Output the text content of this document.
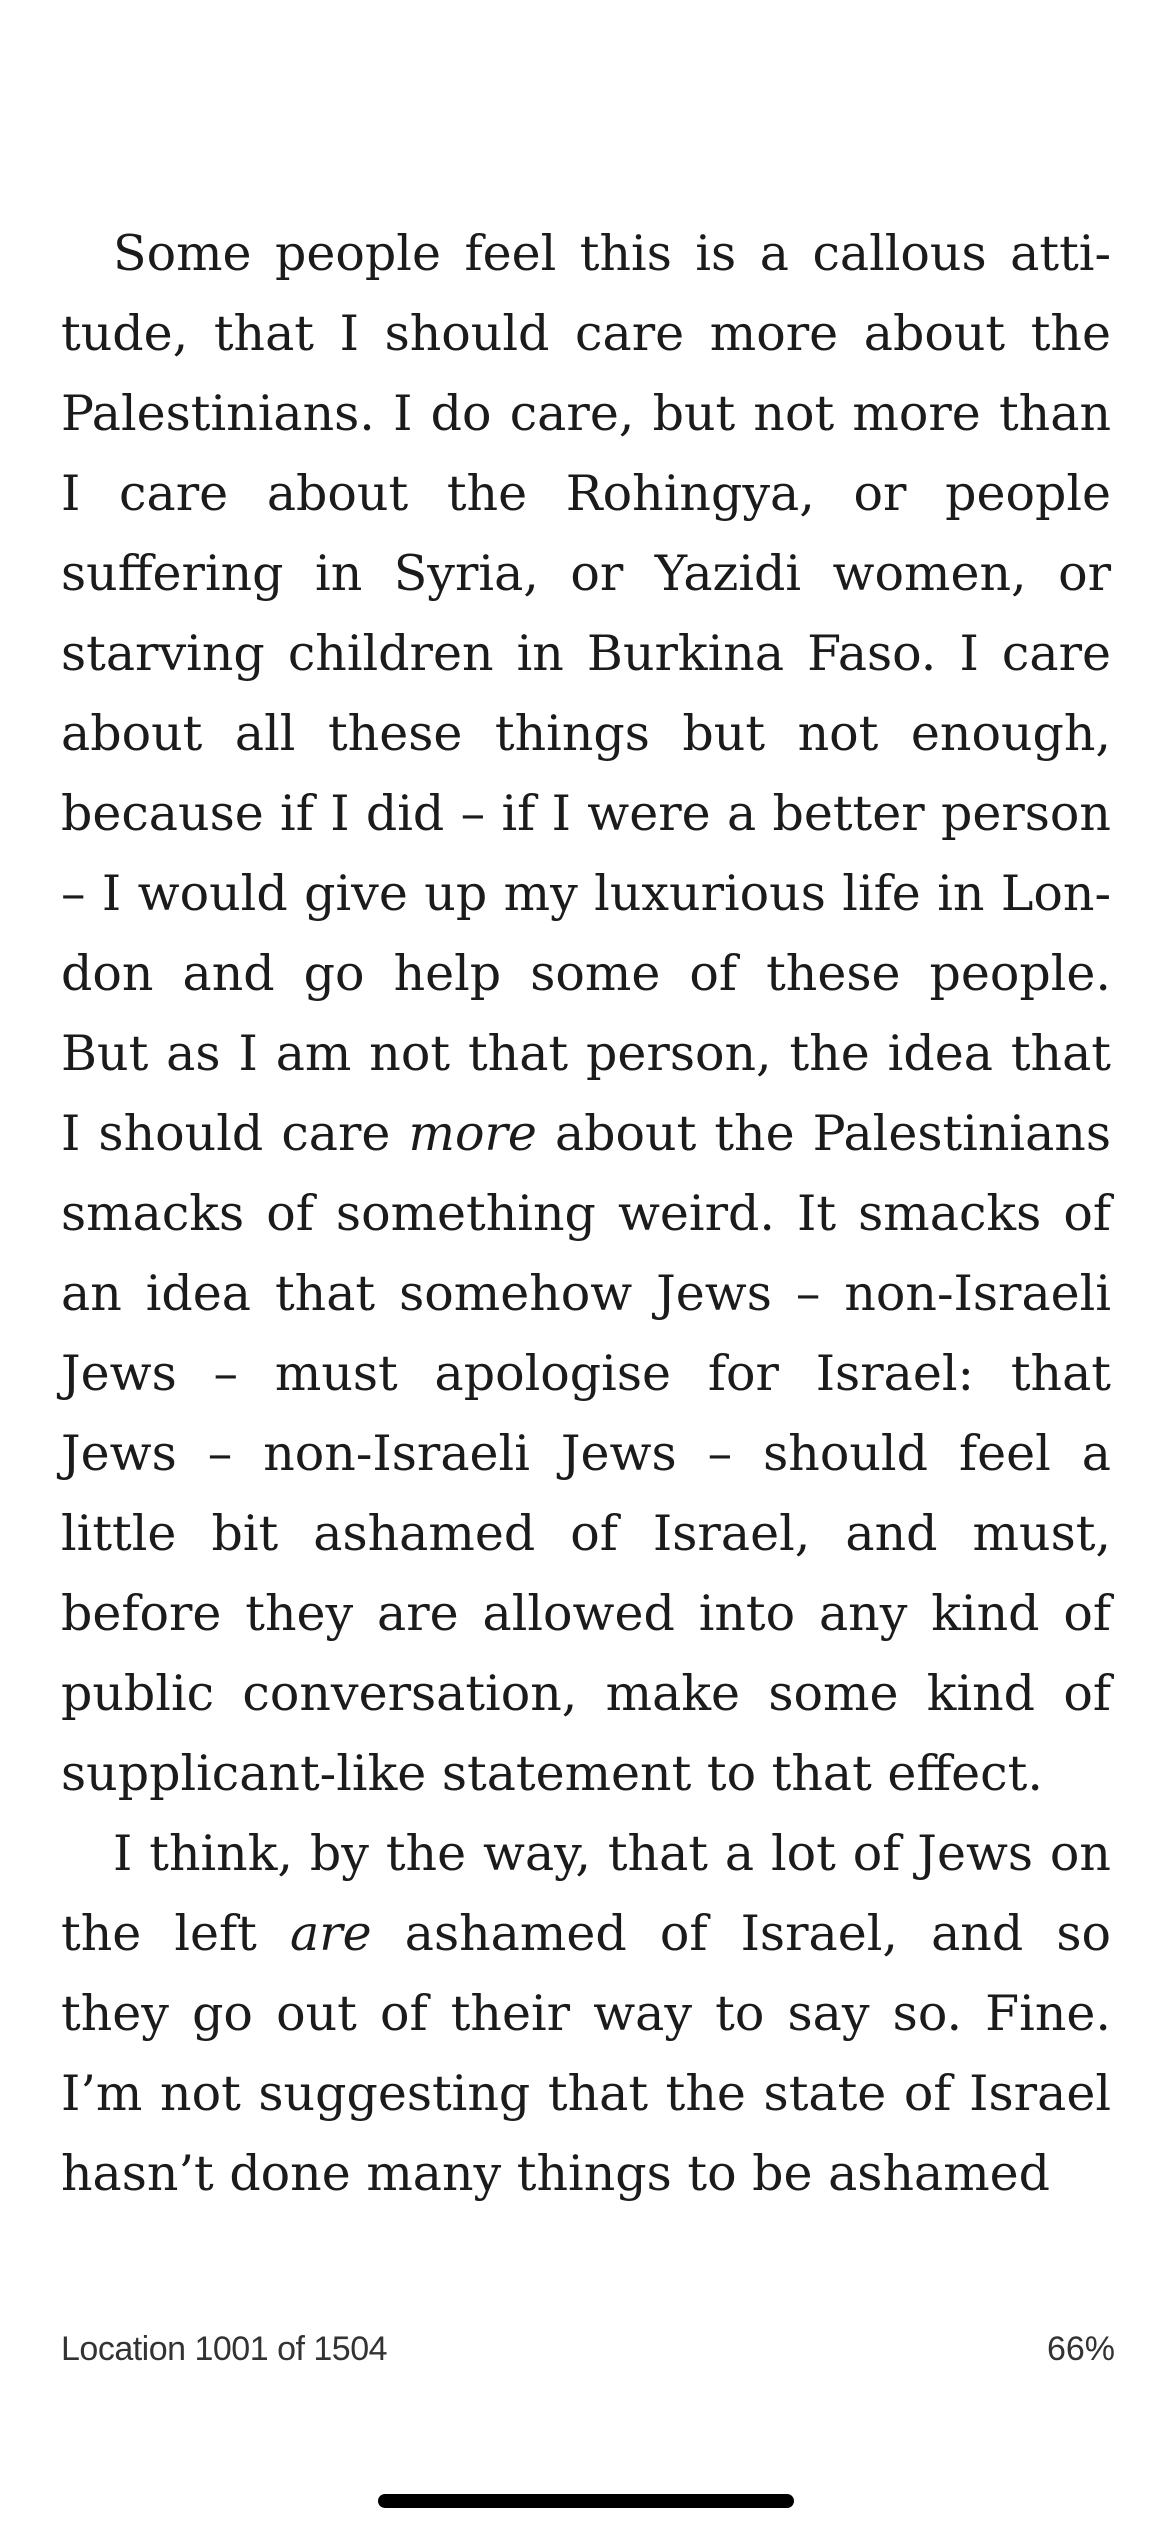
Some people feel this is a callous attitude, that I should care more about the Palestinians. I do care, but not more than I care about the Rohingya, or people suffering in Syria, or Yazidi women, or starving children in Burkina Faso. I care about all these things but not enough, because if I did – if I were a better person – I would give up my luxurious life in London and go help some of these people. But as I am not that person, the idea that I should care more about the Palestinians smacks of something weird. It smacks of an idea that somehow Jews – non-Israeli Jews – must apologise for Israel: that Jews – non-Israeli Jews – should feel a little bit ashamed of Israel, and must, before they are allowed into any kind of public conversation, make some kind of supplicant-like statement to that effect.

I think, by the way, that a lot of Jews on the left are ashamed of Israel, and so they go out of their way to say so. Fine. I’m not suggesting that the state of Israel hasn’t done many things to be ashamed

Location 1001 of 1504	66%
